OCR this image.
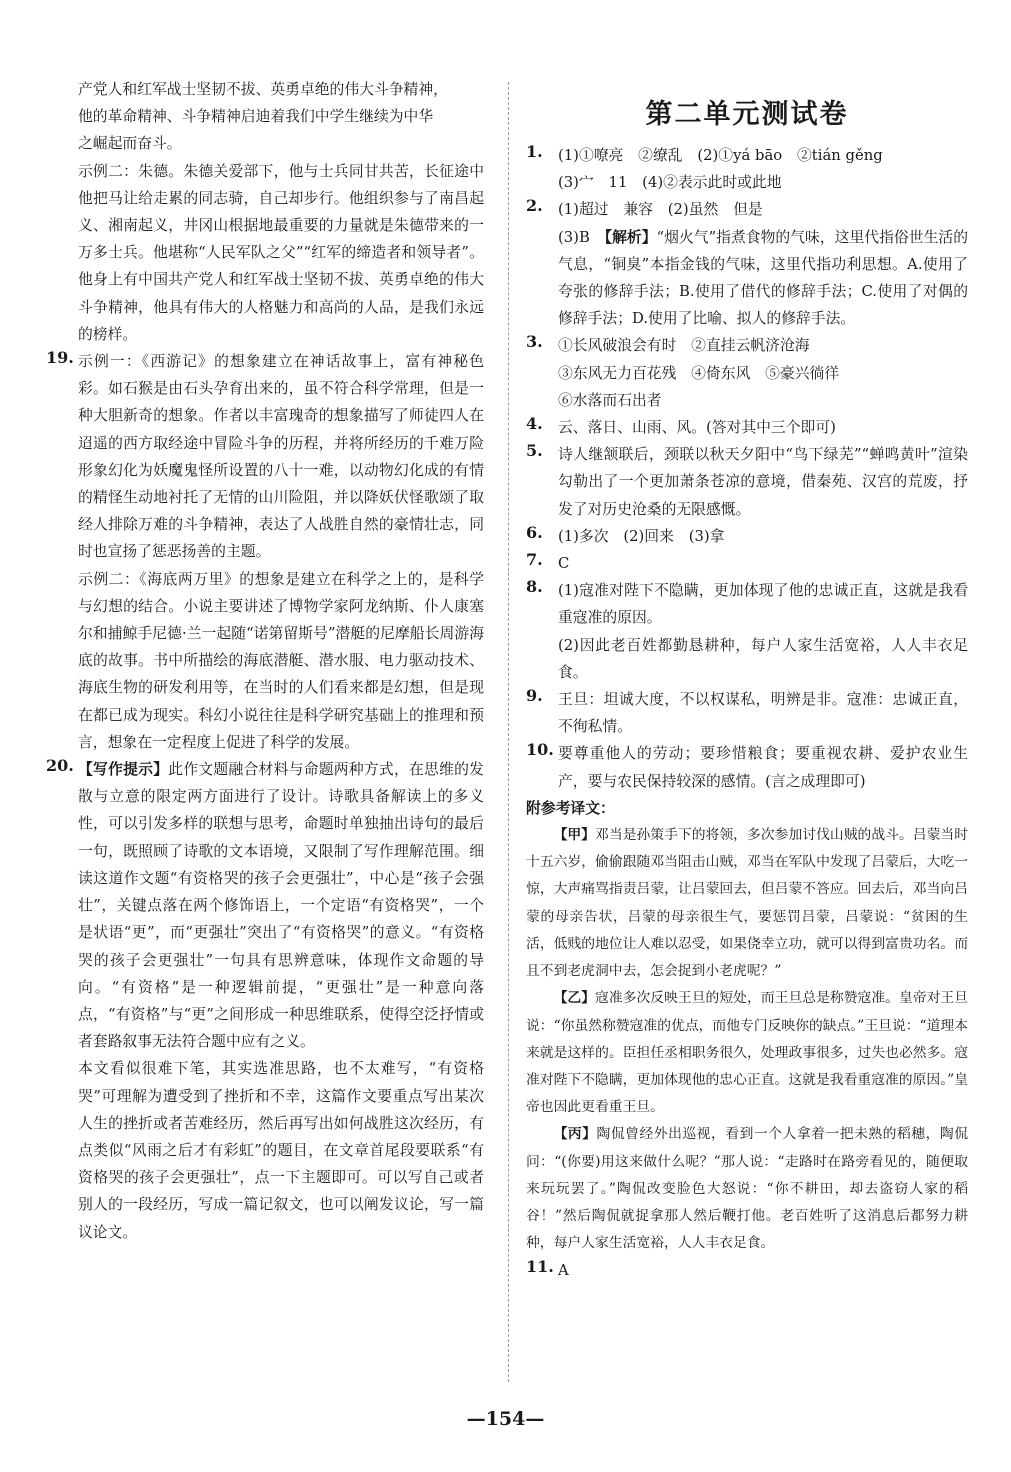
产党人和红军战士坚韧不拔、英勇卓绝的伟大斗争精神，

他的革命精神、斗争精神启迪着我们中学生继续为中华

之崛起而奋斗。

示例二：朱德。朱德关爱部下，他与士兵同甘共苦，长征途中他把马让给走累的同志骑，自己却步行。他组织参与了南昌起义、湘南起义，井冈山根据地最重要的力量就是朱德带来的一万多士兵。他堪称“人民军队之父”“红军的缔造者和领导者”。他身上有中国共产党人和红军战士坚韧不拔、英勇卓绝的伟大斗争精神，他具有伟大的人格魅力和高尚的人品，是我们永远的榜样。

19. 示例一：《西游记》的想象建立在神话故事上，富有神秘色彩。如石猴是由石头孕育出来的，虽不符合科学常理，但是一种大胆新奇的想象。作者以丰富瑰奇的想象描写了师徒四人在迢遥的西方取经途中冒险斗争的历程，并将所经历的千难万险形象幻化为妖魔鬼怪所设置的八十一难，以动物幻化成的有情的精怪生动地衬托了无情的山川险阻，并以降妖伏怪歌颂了取经人排除万难的斗争精神，表达了人战胜自然的豪情壮志，同时也宣扬了惩恶扬善的主题。

示例二：《海底两万里》的想象是建立在科学之上的，是科学与幻想的结合。小说主要讲述了博物学家阿龙纳斯、仆人康塞尔和捕鲸手尼德·兰一起随“诺第留斯号”潜艇的尼摩船长周游海底的故事。书中所描绘的海底潜艇、潜水服、电力驱动技术、海底生物的研发利用等，在当时的人们看来都是幻想，但是现在都已成为现实。科幻小说往往是科学研究基础上的推理和预言，想象在一定程度上促进了科学的发展。

20. 【写作提示】此作文题融合材料与命题两种方式，在思维的发散与立意的限定两方面进行了设计。诗歌具备解读上的多义性，可以引发多样的联想与思考，命题时单独抽出诗句的最后一句，既照顾了诗歌的文本语境，又限制了写作理解范围。细读这道作文题“有资格哭的孩子会更强壮”，中心是“孩子会强壮”，关键点落在两个修饰语上，一个定语“有资格哭”，一个是状语“更”，而“更强壮”突出了“有资格哭”的意义。“有资格哭的孩子会更强壮”一句具有思辨意味，体现作文命题的导向。“有资格”是一种逻辑前提，“更强壮”是一种意向落点，“有资格”与“更”之间形成一种思维联系，使得空泛抒情或者套路叙事无法符合题中应有之义。

本文看似很难下笔，其实选准思路，也不太难写，“有资格哭”可理解为遭受到了挫折和不幸，这篇作文要重点写出某次人生的挫折或者苦难经历，然后再写出如何战胜这次经历，有点类似“风雨之后才有彩虹”的题目，在文章首尾段要联系“有资格哭的孩子会更强壮”，点一下主题即可。可以写自己或者别人的一段经历，写成一篇记叙文，也可以阐发议论，写一篇议论文。

第二单元测试卷
1.	(1)①嘹亮　②缭乱　(2)①yá bāo　②tián gěng

(3)宀　11　(4)②表示此时或此地

2.	(1)超过　兼容　(2)虽然　但是

(3)B　【解析】“烟火气”指煮食物的气味，这里代指俗世生活的气息，“铜臭”本指金钱的气味，这里代指功利思想。A.使用了夸张的修辞手法；B.使用了借代的修辞手法；C.使用了对偶的修辞手法；D.使用了比喻、拟人的修辞手法。

3.	①长风破浪会有时　②直挂云帆济沧海

③东风无力百花残　④倚东风　⑤豪兴徜徉

⑥水落而石出者

4.	云、落日、山雨、风。(答对其中三个即可)

5.	诗人继颔联后，颈联以秋天夕阳中“鸟下绿芜”“蝉鸣黄叶”渲染勾勒出了一个更加萧条苍凉的意境，借秦苑、汉宫的荒废，抒发了对历史沧桑的无限感慨。

6.	(1)多次　(2)回来　(3)拿

7.	C

8.	(1)寇准对陛下不隐瞒，更加体现了他的忠诚正直，这就是我看重寇准的原因。

(2)因此老百姓都勤恳耕种，每户人家生活宽裕，人人丰衣足食。

9.	王旦：坦诚大度，不以权谋私，明辨是非。寇准：忠诚正直，不徇私情。

10. 要尊重他人的劳动；要珍惜粮食；要重视农耕、爱护农业生产，要与农民保持较深的感情。(言之成理即可)

附参考译文：

【甲】邓当是孙策手下的将领，多次参加讨伐山贼的战斗。吕蒙当时十五六岁，偷偷跟随邓当阻击山贼，邓当在军队中发现了吕蒙后，大吃一惊，大声痛骂指责吕蒙，让吕蒙回去，但吕蒙不答应。回去后，邓当向吕蒙的母亲告状，吕蒙的母亲很生气，要惩罚吕蒙，吕蒙说：“贫困的生活，低贱的地位让人难以忍受，如果侥幸立功，就可以得到富贵功名。而且不到老虎洞中去，怎会捉到小老虎呢？”

【乙】寇准多次反映王旦的短处，而王旦总是称赞寇准。皇帝对王旦说：“你虽然称赞寇准的优点，而他专门反映你的缺点。”王旦说：“道理本来就是这样的。臣担任丞相职务很久，处理政事很多，过失也必然多。寇准对陛下不隐瞒，更加体现他的忠心正直。这就是我看重寇准的原因。”皇帝也因此更看重王旦。

【丙】陶侃曾经外出巡视，看到一个人拿着一把未熟的稻穗，陶侃问：“(你要)用这来做什么呢？”那人说：“走路时在路旁看见的，随便取来玩玩罢了。”陶侃改变脸色大怒说：“你不耕田，却去盗窃人家的稻谷！”然后陶侃就捉拿那人然后鞭打他。老百姓听了这消息后都努力耕种，每户人家生活宽裕，人人丰衣足食。

11. A

—154—
